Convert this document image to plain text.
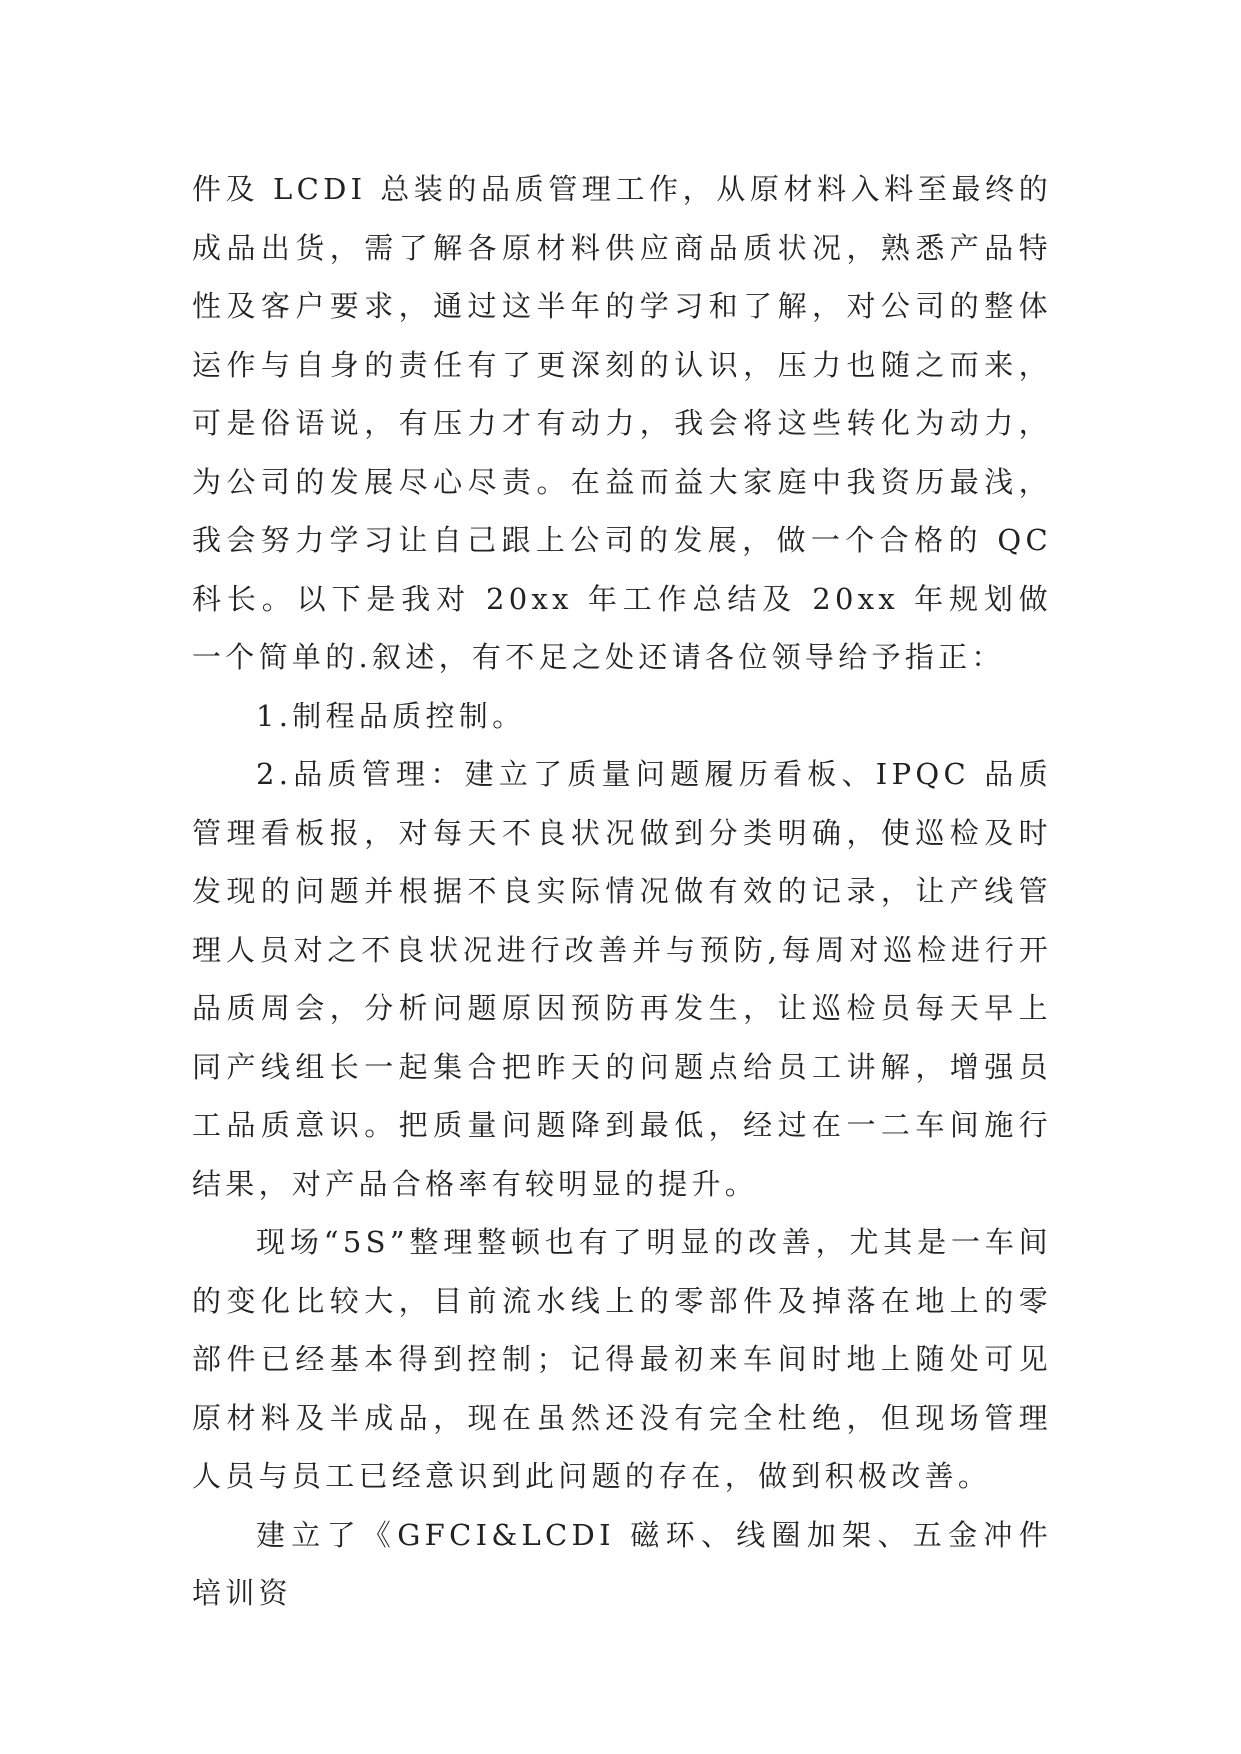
件及 LCDI 总装的品质管理工作，从原材料入料至最终的成品出货，需了解各原材料供应商品质状况，熟悉产品特性及客户要求，通过这半年的学习和了解，对公司的整体运作与自身的责任有了更深刻的认识，压力也随之而来，可是俗语说，有压力才有动力，我会将这些转化为动力，为公司的发展尽心尽责。在益而益大家庭中我资历最浅，我会努力学习让自己跟上公司的发展，做一个合格的 QC 科长。以下是我对 20xx 年工作总结及 20xx 年规划做一个简单的.叙述，有不足之处还请各位领导给予指正：

1.制程品质控制。

2.品质管理：建立了质量问题履历看板、IPQC 品质管理看板报，对每天不良状况做到分类明确，使巡检及时发现的问题并根据不良实际情况做有效的记录，让产线管理人员对之不良状况进行改善并与预防,每周对巡检进行开品质周会，分析问题原因预防再发生，让巡检员每天早上同产线组长一起集合把昨天的问题点给员工讲解，增强员工品质意识。把质量问题降到最低，经过在一二车间施行结果，对产品合格率有较明显的提升。

现场“5S”整理整顿也有了明显的改善，尤其是一车间的变化比较大，目前流水线上的零部件及掉落在地上的零部件已经基本得到控制；记得最初来车间时地上随处可见原材料及半成品，现在虽然还没有完全杜绝，但现场管理人员与员工已经意识到此问题的存在，做到积极改善。

建立了《GFCI&LCDI 磁环、线圈加架、五金冲件培训资
